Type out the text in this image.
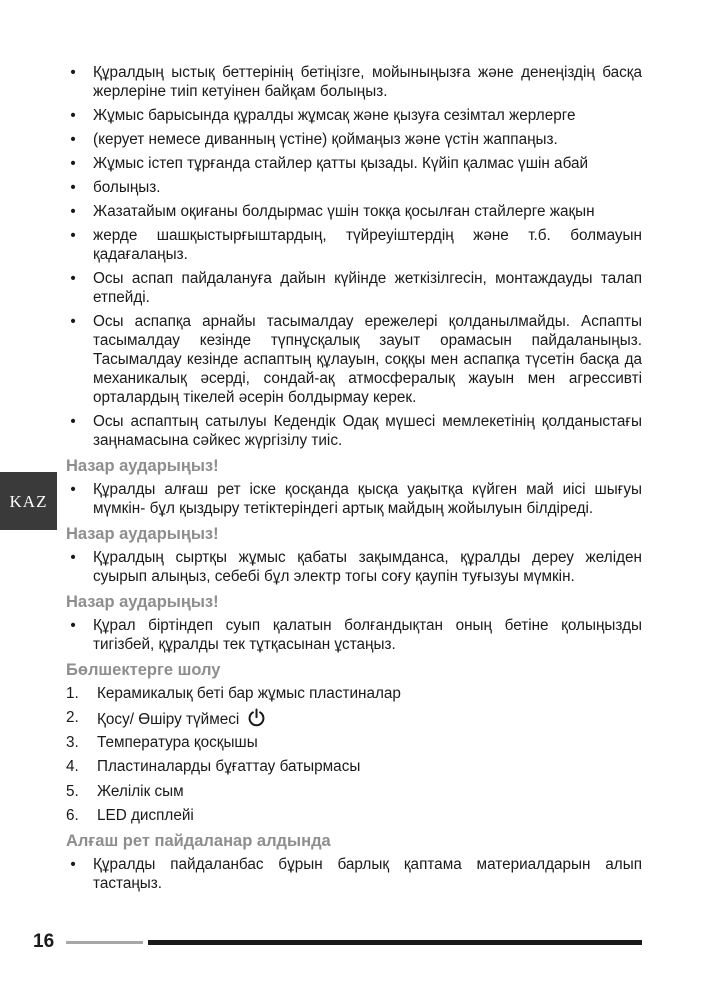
• Құралдың ыстық беттерінің бетіңізге, мойыныңызға және денеңіздің басқа жерлеріне тиіп кетуінен байқам болыңыз.
• Жұмыс барысында құралды жұмсақ және қызуға сезімтал жерлерге
• (керует немесе диванның үстіне) қоймаңыз және үстін жаппаңыз.
• Жұмыс істеп тұрғанда стайлер қатты қызады. Күйіп қалмас үшін абай
• болыңыз.
• Жазатайым оқиғаны болдырмас үшін токқа қосылған стайлерге жақын
• жерде шашқыстырғыштардың, түйреуіштердің және т.б. болмауын қадағалаңыз.
• Осы аспап пайдалануға дайын күйінде жеткізілгесін, монтаждауды талап етпейді.
• Осы аспапқа арнайы тасымалдау ережелері қолданылмайды. Аспапты тасымалдау кезінде түпнұсқалық зауыт орамасын пайдаланыңыз. Тасымалдау кезінде аспаптың құлауын, соққы мен аспапқа түсетін басқа да механикалық әсерді, сондай-ақ атмосфералық жауын мен агрессивті орталардың тікелей әсерін болдырмау керек.
• Осы аспаптың сатылуы Кедендік Одақ мүшесі мемлекетінің қолданыстағы заңнамасына сәйкес жүргізілу тиіс.
Назар аударыңыз!
• Құралды алғаш рет іске қосқанда қысқа уақытқа күйген май иісі шығуы мүмкін- бұл қыздыру тетіктеріндегі артық майдың жойылуын білдіреді.
Назар аударыңыз!
• Құралдың сыртқы жұмыс қабаты зақымданса, құралды дереу желіден суырып алыңыз, себебі бұл электр тогы соғу қаупін туғызуы мүмкін.
Назар аударыңыз!
• Құрал біртіндеп суып қалатын болғандықтан оның бетіне қолыңызды тигізбей, құралды тек тұтқасынан ұстаңыз.
Бөлшектерге шолу
1. Керамикалық беті бар жұмыс пластиналар
2. Қосу/ Өшіру түймесі
3. Температура қосқышы
4. Пластиналарды бұғаттау батырмасы
5. Желілік сым
6. LED дисплейі
Алғаш рет пайдаланар алдында
• Құралды пайдаланбас бұрын барлық қаптама материалдарын алып тастаңыз.
KAZ
16
